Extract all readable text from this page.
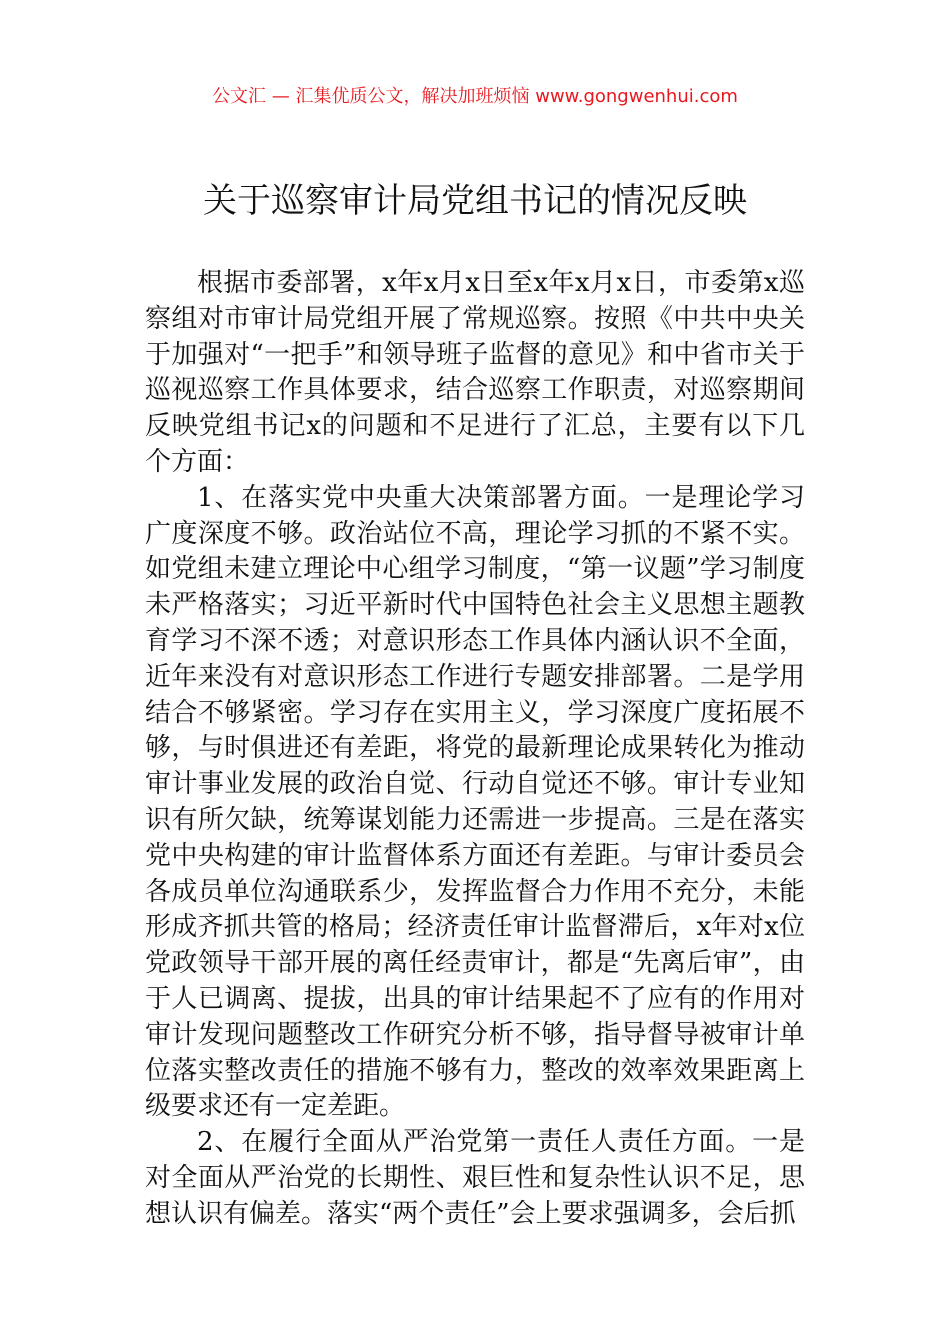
公文汇 — 汇集优质公文，解决加班烦恼 www.gongwenhui.com
关于巡察审计局党组书记的情况反映

根据市委部署，x年x月x日至x年x月x日，市委第x巡察组对市审计局党组开展了常规巡察。按照《中共中央关于加强对“一把手”和领导班子监督的意见》和中省市关于巡视巡察工作具体要求，结合巡察工作职责，对巡察期间反映党组书记x的问题和不足进行了汇总，主要有以下几个方面：

1、在落实党中央重大决策部署方面。一是理论学习广度深度不够。政治站位不高，理论学习抓的不紧不实。如党组未建立理论中心组学习制度，“第一议题”学习制度未严格落实；习近平新时代中国特色社会主义思想主题教育学习不深不透；对意识形态工作具体内涵认识不全面，近年来没有对意识形态工作进行专题安排部署。二是学用结合不够紧密。学习存在实用主义，学习深度广度拓展不够，与时俱进还有差距，将党的最新理论成果转化为推动审计事业发展的政治自觉、行动自觉还不够。审计专业知识有所欠缺，统筹谋划能力还需进一步提高。三是在落实党中央构建的审计监督体系方面还有差距。与审计委员会各成员单位沟通联系少，发挥监督合力作用不充分，未能形成齐抓共管的格局；经济责任审计监督滞后，x年对x位党政领导干部开展的离任经责审计，都是“先离后审”，由于人已调离、提拔，出具的审计结果起不了应有的作用对审计发现问题整改工作研究分析不够，指导督导被审计单位落实整改责任的措施不够有力，整改的效率效果距离上级要求还有一定差距。

2、在履行全面从严治党第一责任人责任方面。一是对全面从严治党的长期性、艰巨性和复杂性认识不足，思想认识有偏差。落实“两个责任”会上要求强调多，会后抓
